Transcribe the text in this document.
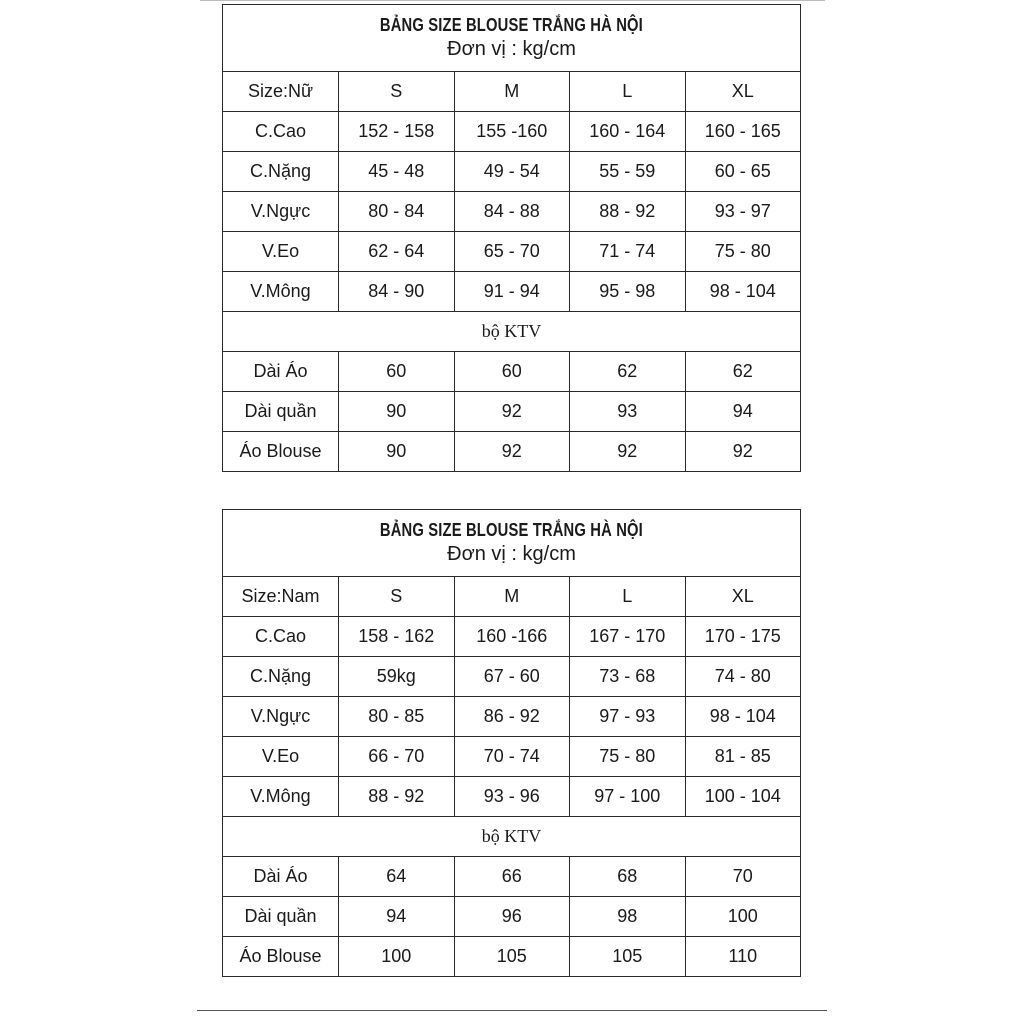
BẢNG SIZE BLOUSE TRẮNG HÀ NỘI
Đơn vị : kg/cm				

Size:Nữ	S	M	L	XL
C.Cao	152 - 158	155 -160	160 - 164	160 - 165
C.Nặng	45 - 48	49 - 54	55 - 59	60 - 65
V.Ngực	80 - 84	84 - 88	88 - 92	93 - 97
V.Eo	62 - 64	65 - 70	71 - 74	75 - 80
V.Mông	84 - 90	91 - 94	95 - 98	98 - 104
bộ KTV				
Dài Áo	60	60	62	62
Dài quần	90	92	93	94
Áo Blouse	90	92	92	92
BẢNG SIZE BLOUSE TRẮNG HÀ NỘI
Đơn vị : kg/cm				

Size:Nam	S	M	L	XL
C.Cao	158 - 162	160 -166	167 - 170	170 - 175
C.Nặng	59kg	67 - 60	73 - 68	74 - 80
V.Ngực	80 - 85	86 - 92	97 - 93	98 - 104
V.Eo	66 - 70	70 - 74	75 - 80	81 - 85
V.Mông	88 - 92	93 - 96	97 - 100	100 - 104
bộ KTV				
Dài Áo	64	66	68	70
Dài quần	94	96	98	100
Áo Blouse	100	105	105	110
